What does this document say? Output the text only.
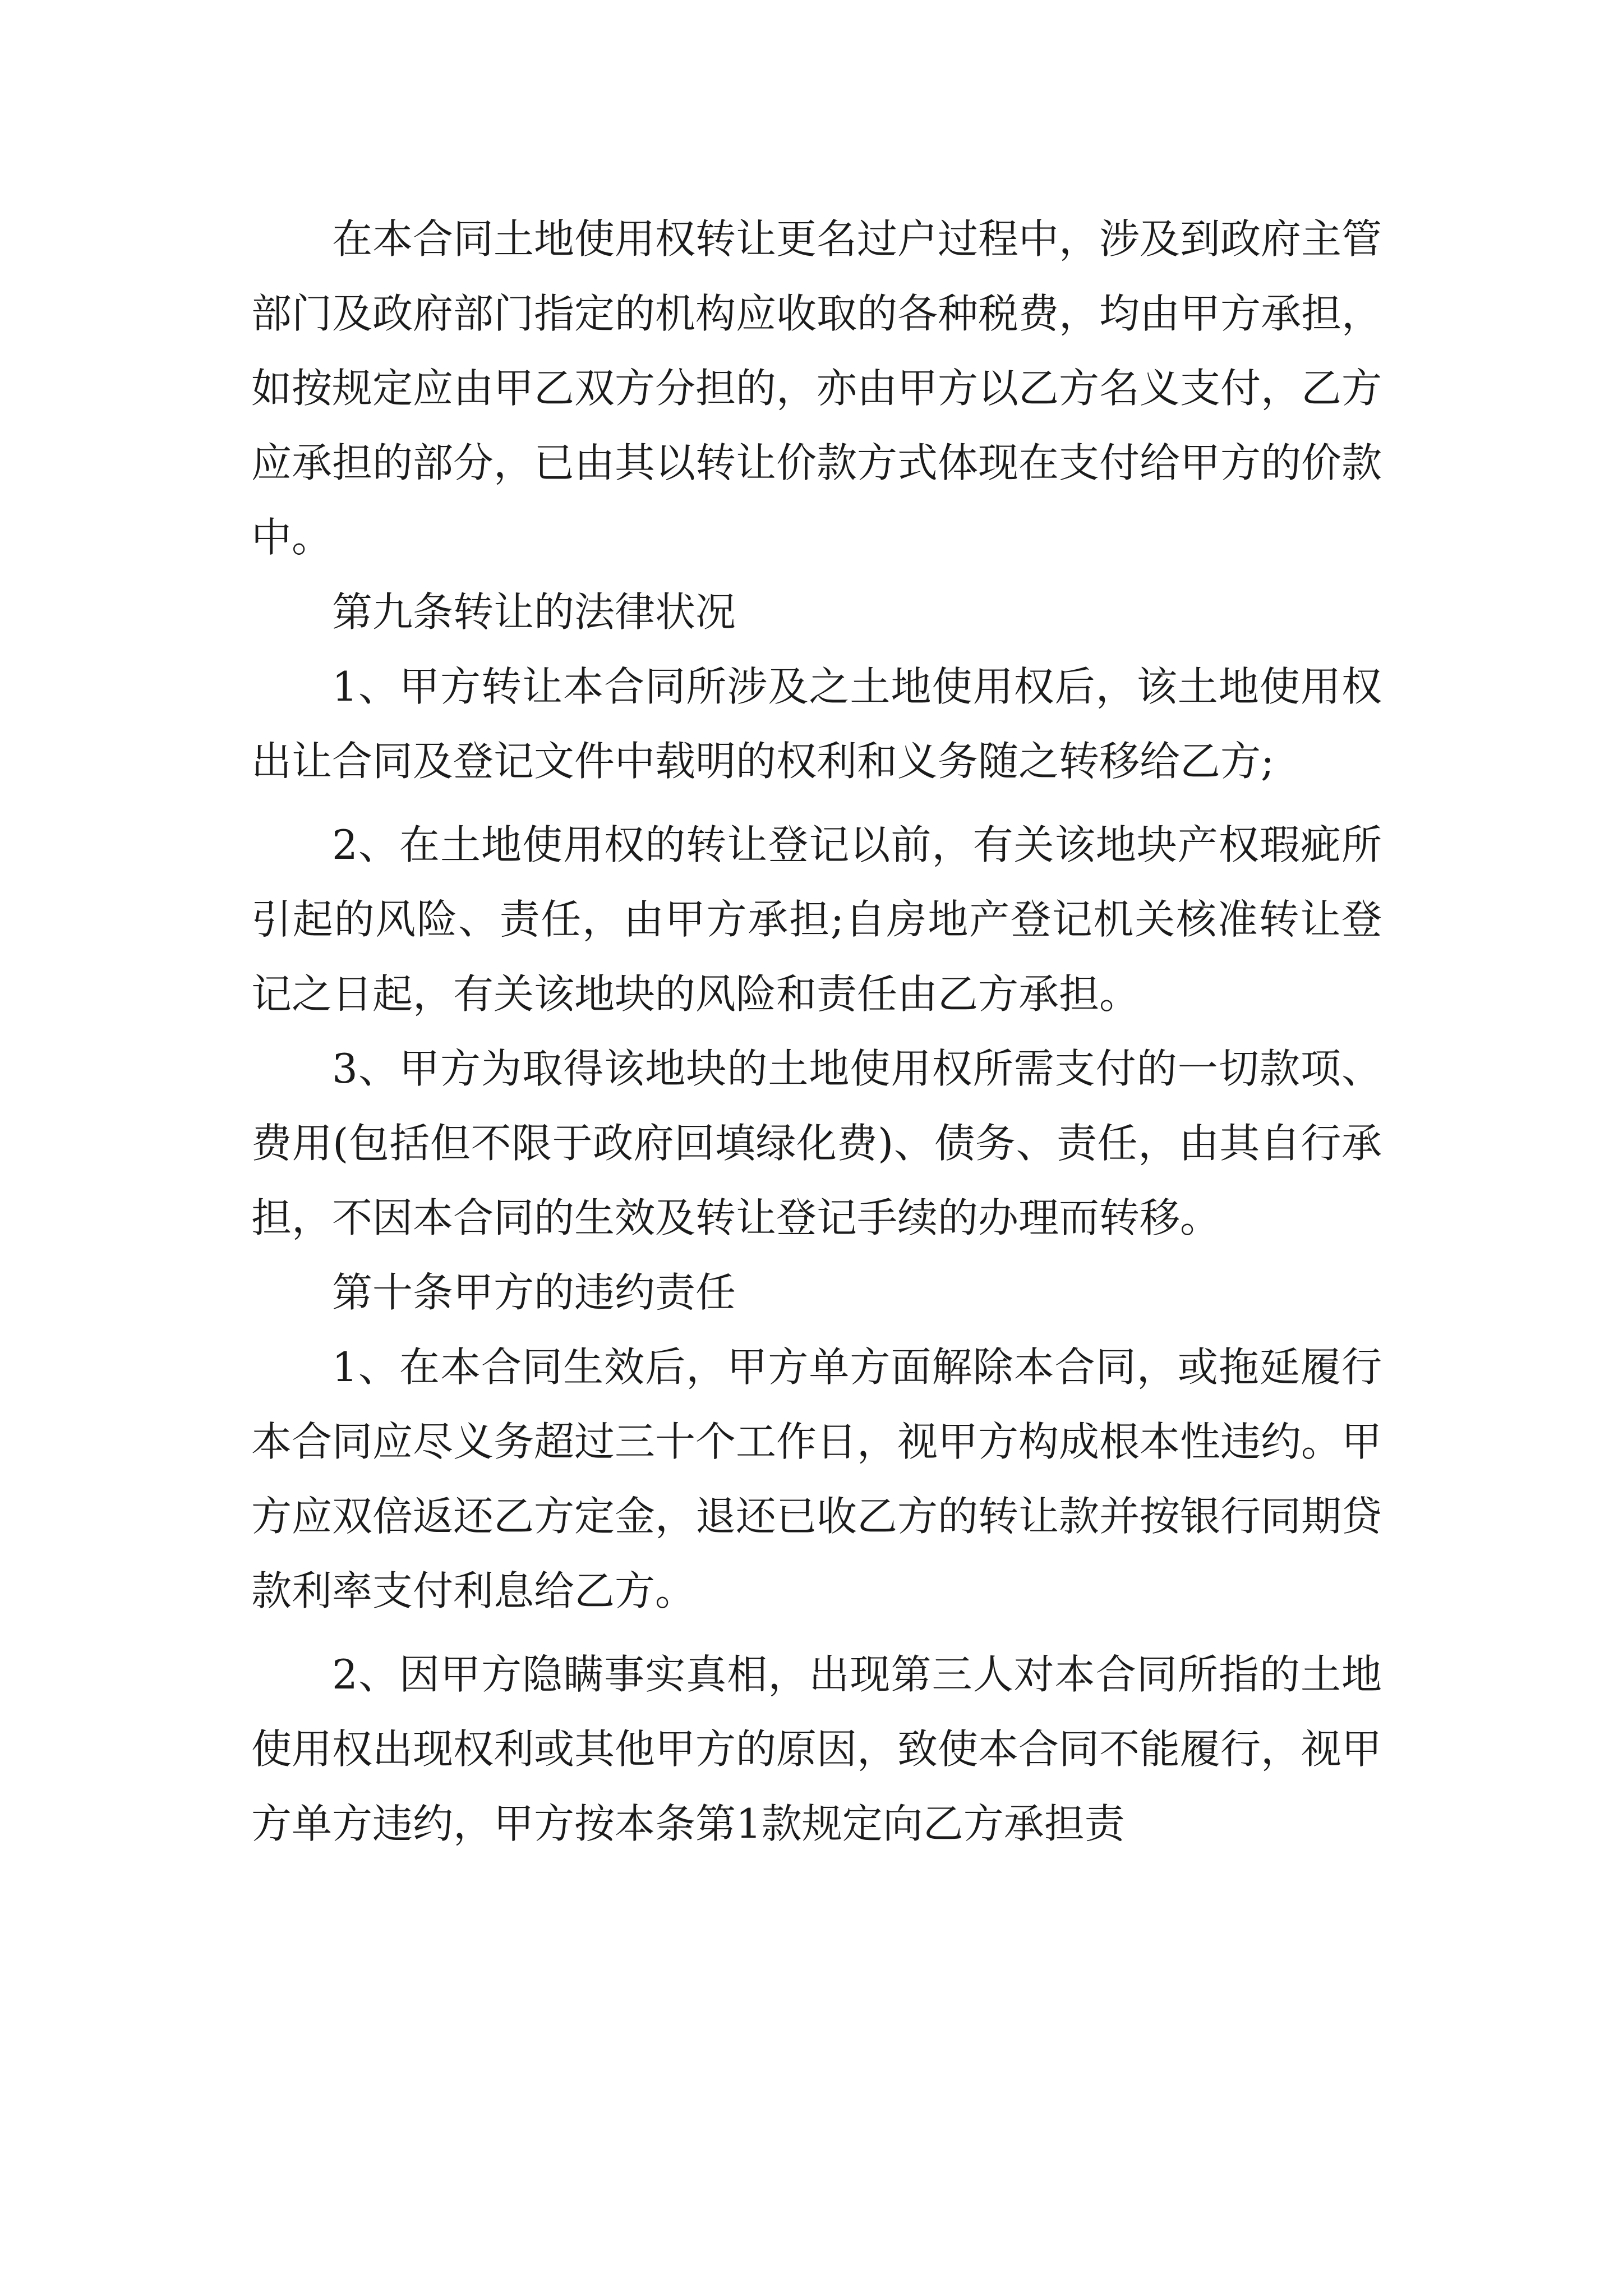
在本合同土地使用权转让更名过户过程中，涉及到政府主管部门及政府部门指定的机构应收取的各种税费，均由甲方承担，如按规定应由甲乙双方分担的，亦由甲方以乙方名义支付，乙方应承担的部分，已由其以转让价款方式体现在支付给甲方的价款中。

第九条转让的法律状况

1、甲方转让本合同所涉及之土地使用权后，该土地使用权出让合同及登记文件中载明的权利和义务随之转移给乙方;

2、在土地使用权的转让登记以前，有关该地块产权瑕疵所引起的风险、责任，由甲方承担;自房地产登记机关核准转让登记之日起，有关该地块的风险和责任由乙方承担。

3、甲方为取得该地块的土地使用权所需支付的一切款项、费用(包括但不限于政府回填绿化费)、债务、责任，由其自行承担，不因本合同的生效及转让登记手续的办理而转移。

第十条甲方的违约责任

1、在本合同生效后，甲方单方面解除本合同，或拖延履行本合同应尽义务超过三十个工作日，视甲方构成根本性违约。甲方应双倍返还乙方定金，退还已收乙方的转让款并按银行同期贷款利率支付利息给乙方。

2、因甲方隐瞒事实真相，出现第三人对本合同所指的土地使用权出现权利或其他甲方的原因，致使本合同不能履行，视甲方单方违约，甲方按本条第1款规定向乙方承担责
